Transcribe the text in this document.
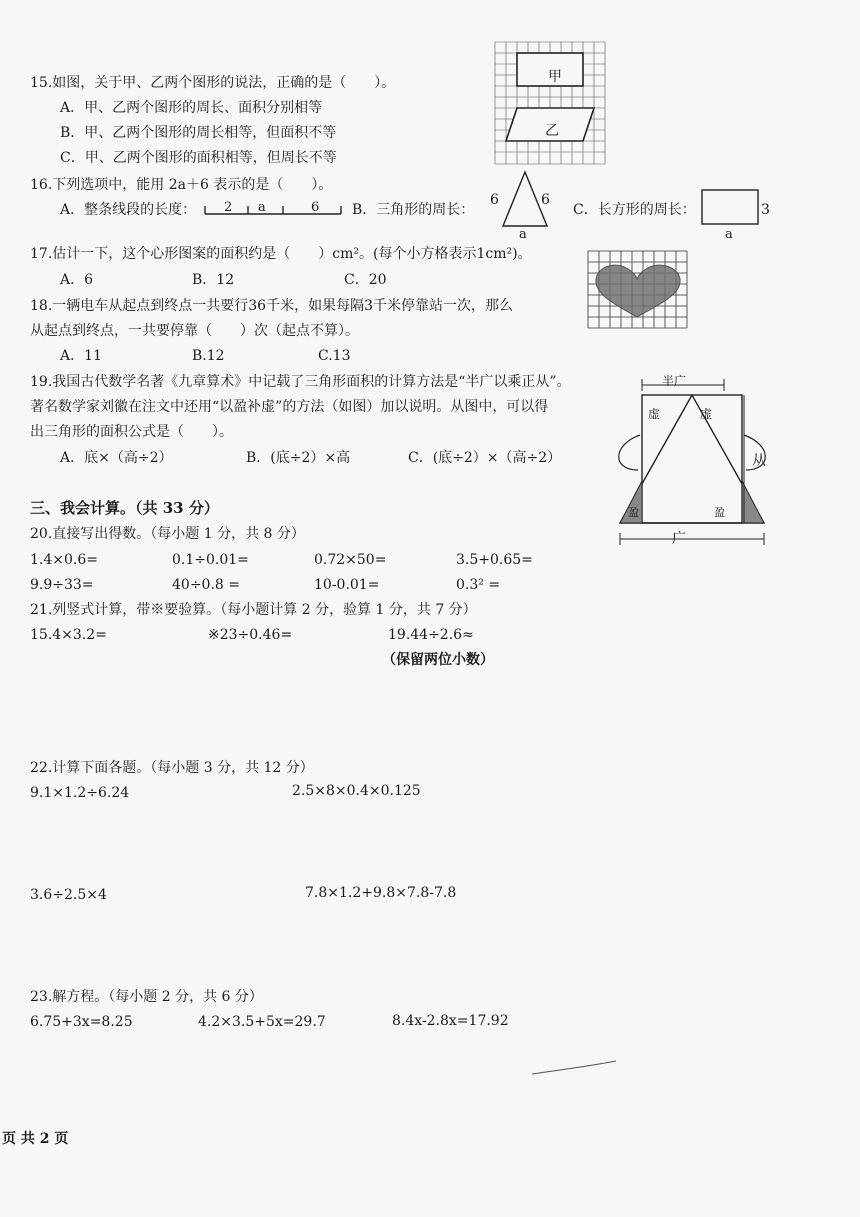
15.如图，关于甲、乙两个图形的说法，正确的是（　　）。
A．甲、乙两个图形的周长、面积分别相等
B．甲、乙两个图形的周长相等，但面积不等
C．甲、乙两个图形的面积相等，但周长不等
甲
乙
16.下列选项中，能用 2a＋6 表示的是（　　）。
A．整条线段的长度： 2 a	6 B．三角形的周长：
6	6
a
C．长方形的周长：	3
a
17.估计一下，这个心形图案的面积约是（　　）cm²。(每个小方格表示1cm²)。
A．6	B．12	C．20
18.一辆电车从起点到终点一共要行36千米，如果每隔3千米停靠站一次，那么
从起点到终点，一共要停靠（　　）次（起点不算）。
A．11	B.12	C.13
19.我国古代数学名著《九章算术》中记载了三角形面积的计算方法是“半广以乘正从”。
著名数学家刘徽在注文中还用“以盈补虚”的方法（如图）加以说明。从图中，可以得
出三角形的面积公式是（　　）。
A．底×（高÷2）	B．(底÷2）×高	C．(底÷2）×（高÷2）
半广
虚	虚
盈	盈
从
广
三、我会计算。（共 33 分）
20.直接写出得数。（每小题 1 分，共 8 分）
1.4×0.6=	0.1÷0.01=	0.72×50=	3.5+0.65=
9.9÷33=	40÷0.8 =	10-0.01=	0.3² =
21.列竖式计算，带※要验算。（每小题计算 2 分，验算 1 分，共 7 分）
15.4×3.2=	※23÷0.46=	19.44÷2.6≈
（保留两位小数）
22.计算下面各题。（每小题 3 分，共 12 分）
9.1×1.2÷6.24	2.5×8×0.4×0.125
3.6÷2.5×4	7.8×1.2+9.8×7.8-7.8
23.解方程。（每小题 2 分，共 6 分）
6.75+3x=8.25	4.2×3.5+5x=29.7	8.4x-2.8x=17.92
页 共 2 页
